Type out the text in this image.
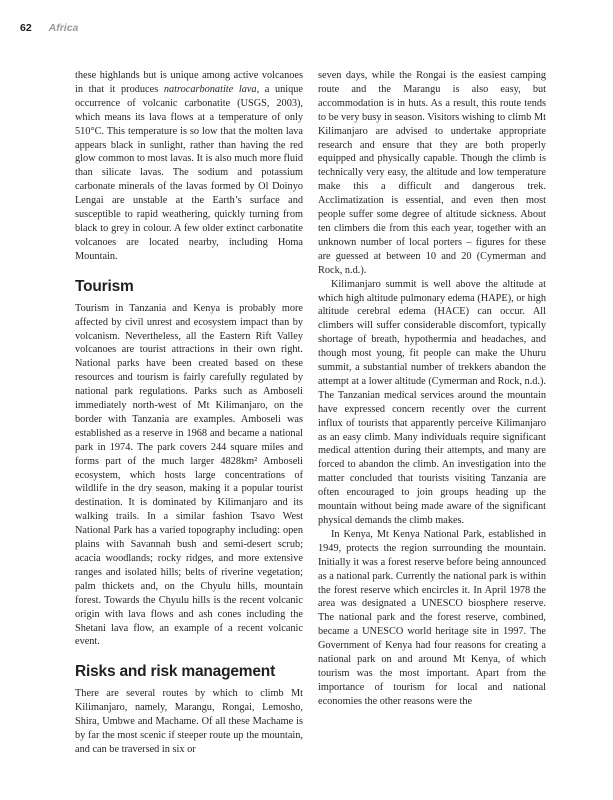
62 Africa

these highlands but is unique among active volcanoes in that it produces natrocarbonatite lava, a unique occurrence of volcanic carbonatite (USGS, 2003), which means its lava flows at a temperature of only 510°C. This temperature is so low that the molten lava appears black in sunlight, rather than having the red glow common to most lavas. It is also much more fluid than silicate lavas. The sodium and potassium carbonate minerals of the lavas formed by Ol Doinyo Lengai are unstable at the Earth’s surface and susceptible to rapid weathering, quickly turning from black to grey in colour. A few older extinct carbonatite volcanoes are located nearby, including Homa Mountain.

Tourism

Tourism in Tanzania and Kenya is probably more affected by civil unrest and ecosystem impact than by volcanism. Nevertheless, all the Eastern Rift Valley volcanoes are tourist attractions in their own right. National parks have been created based on these resources and tourism is fairly carefully regulated by national park regulations. Parks such as Amboseli immediately north-west of Mt Kilimanjaro, on the border with Tanzania are examples. Amboseli was established as a reserve in 1968 and became a national park in 1974. The park covers 244 square miles and forms part of the much larger 4828km² Amboseli ecosystem, which hosts large concentrations of wildlife in the dry season, making it a popular tourist destination. It is dominated by Kilimanjaro and its walking trails. In a similar fashion Tsavo West National Park has a varied topography including: open plains with Savannah bush and semi-desert scrub; acacia woodlands; rocky ridges, and more extensive ranges and isolated hills; belts of riverine vegetation; palm thickets and, on the Chyulu hills, mountain forest. Towards the Chyulu hills is the recent volcanic origin with lava flows and ash cones including the Shetani lava flow, an example of a recent volcanic event.

Risks and risk management

There are several routes by which to climb Mt Kilimanjaro, namely, Marangu, Rongai, Lemosho, Shira, Umbwe and Machame. Of all these Machame is by far the most scenic if steeper route up the mountain, and can be traversed in six or

seven days, while the Rongai is the easiest camping route and the Marangu is also easy, but accommodation is in huts. As a result, this route tends to be very busy in season. Visitors wishing to climb Mt Kilimanjaro are advised to undertake appropriate research and ensure that they are both properly equipped and physically capable. Though the climb is technically very easy, the altitude and low temperature make this a difficult and dangerous trek. Acclimatization is essential, and even then most people suffer some degree of altitude sickness. About ten climbers die from this each year, together with an unknown number of local porters – figures for these are guessed at between 10 and 20 (Cymerman and Rock, n.d.).

Kilimanjaro summit is well above the altitude at which high altitude pulmonary edema (HAPE), or high altitude cerebral edema (HACE) can occur. All climbers will suffer considerable discomfort, typically shortage of breath, hypothermia and headaches, and though most young, fit people can make the Uhuru summit, a substantial number of trekkers abandon the attempt at a lower altitude (Cymerman and Rock, n.d.). The Tanzanian medical services around the mountain have expressed concern recently over the current influx of tourists that apparently perceive Kilimanjaro as an easy climb. Many individuals require significant medical attention during their attempts, and many are forced to abandon the climb. An investigation into the matter concluded that tourists visiting Tanzania are often encouraged to join groups heading up the mountain without being made aware of the significant physical demands the climb makes.

In Kenya, Mt Kenya National Park, established in 1949, protects the region surrounding the mountain. Initially it was a forest reserve before being announced as a national park. Currently the national park is within the forest reserve which encircles it. In April 1978 the area was designated a UNESCO biosphere reserve. The national park and the forest reserve, combined, became a UNESCO world heritage site in 1997. The Government of Kenya had four reasons for creating a national park on and around Mt Kenya, of which tourism was the most important. Apart from the importance of tourism for local and national economies the other reasons were the
